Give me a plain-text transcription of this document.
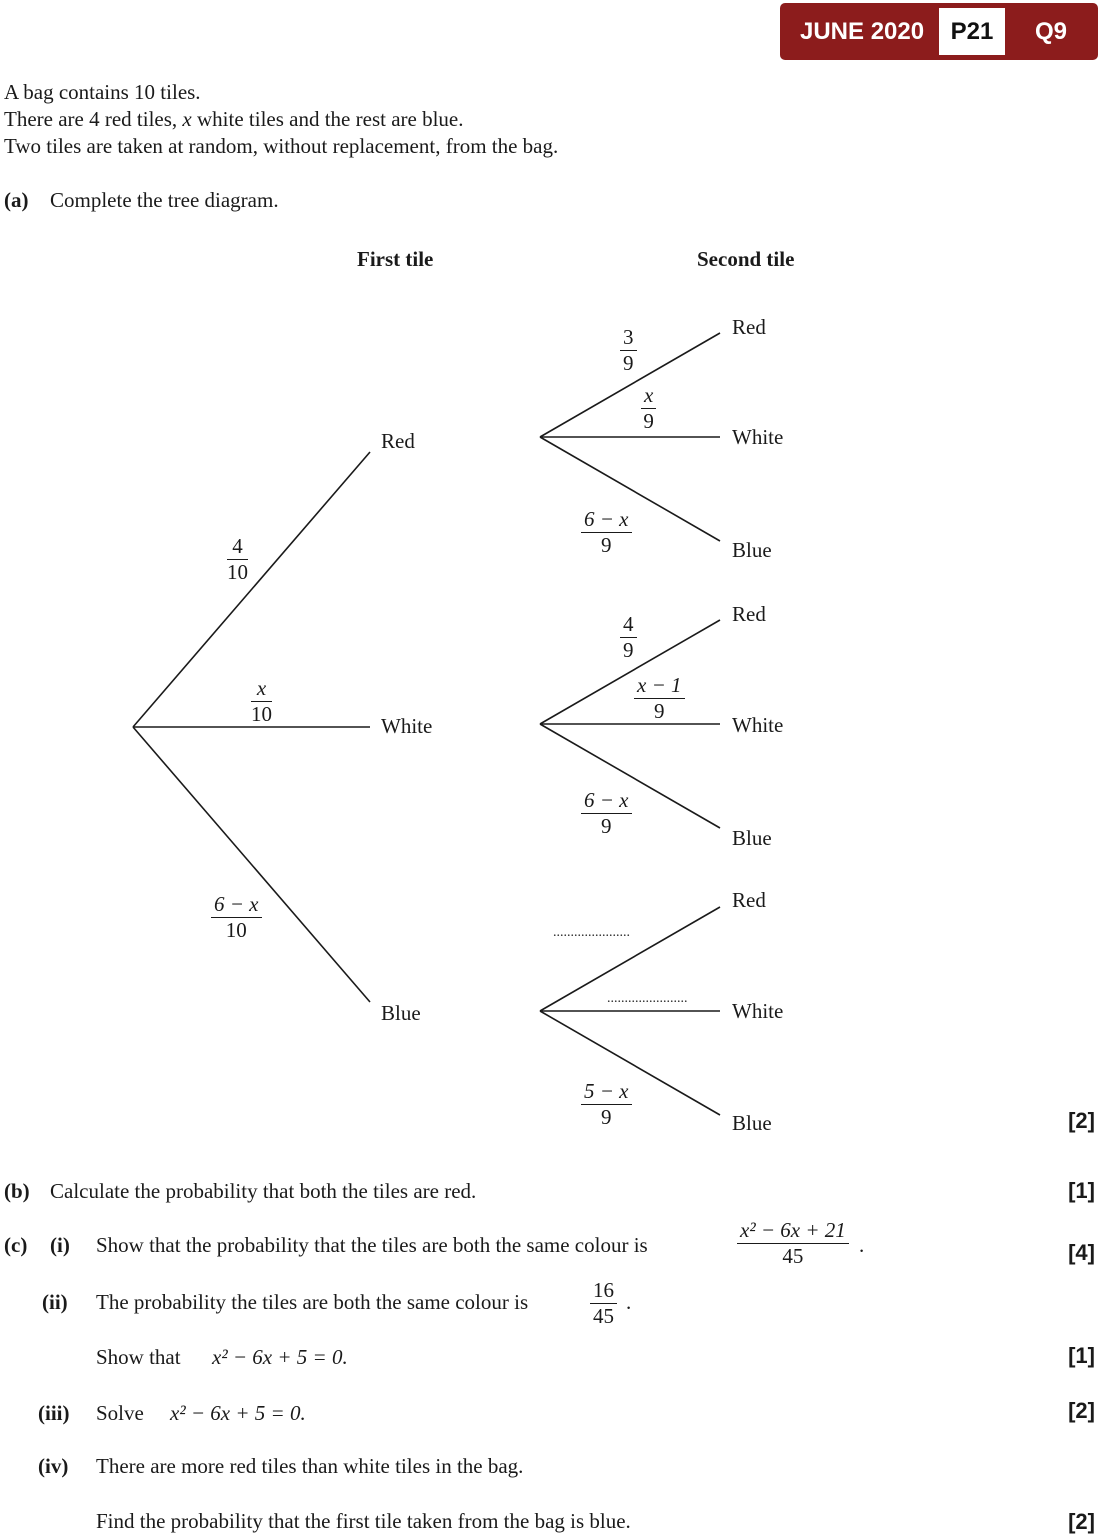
JUNE 2020	P21	Q9
A bag contains 10 tiles.
There are 4 red tiles, x white tiles and the rest are blue.
Two tiles are taken at random, without replacement, from the bag.
(a) Complete the tree diagram.
First tile	Second tile
Red
White
Blue
$\frac{4}{10}$
$\frac{x}{10}$
$\frac{6 - x}{10}$
Red
White
Blue
Red
White
Blue
Red
White
Blue
$\frac{3}{9}$
$\frac{x}{9}$
$\frac{6 - x}{9}$
$\frac{4}{9}$
$\frac{x - 1}{9}$
$\frac{6 - x}{9}$
......................
.......................
$\frac{5 - x}{9}$	[2]
(b) Calculate the probability that both the tiles are red.	[1]
(c) (i) Show that the probability that the tiles are both the same colour is	$\frac{\text{x² − 6x + 21}}{45}$ .	[4]
(ii) The probability the tiles are both the same colour is	$\frac{16}{45}$ .
Show that x² − 6x + 5 = 0.	[1]
(iii) Solve x² − 6x + 5 = 0.	[2]
(iv) There are more red tiles than white tiles in the bag.
Find the probability that the first tile taken from the bag is blue.	[2]
